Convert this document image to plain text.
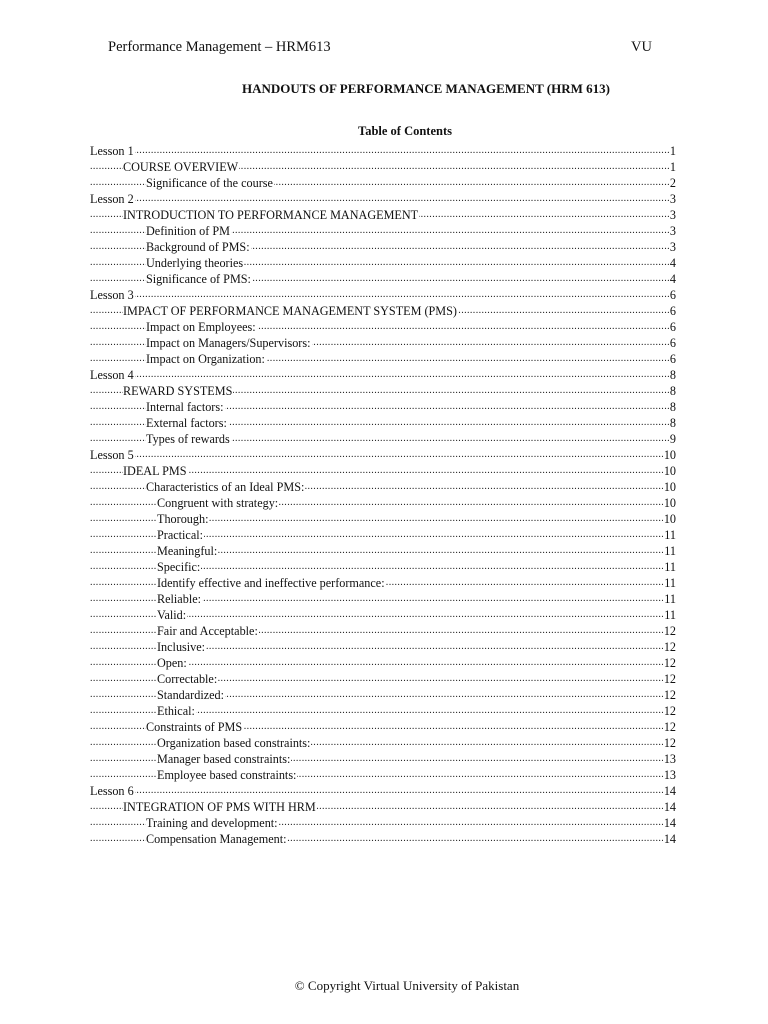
Performance Management – HRM613	VU
HANDOUTS OF PERFORMANCE MANAGEMENT (HRM 613)
Table of Contents
..... Lesson 1	1
..... COURSE OVERVIEW	1
..... Significance of the course	2
..... Lesson 2	3
..... INTRODUCTION TO PERFORMANCE MANAGEMENT	3
..... Definition of PM	3
..... Background of PMS:	3
..... Underlying theories	4
..... Significance of PMS:	4
..... Lesson 3	6
..... IMPACT OF PERFORMANCE MANAGEMENT SYSTEM (PMS)	6
..... Impact on Employees:	6
..... Impact on Managers/Supervisors:	6
..... Impact on Organization:	6
..... Lesson 4	8
..... REWARD SYSTEMS	8
..... Internal factors:	8
..... External factors:	8
..... Types of rewards	9
..... Lesson 5	10
..... IDEAL PMS	10
..... Characteristics of an Ideal PMS:	10
..... Congruent with strategy:	10
..... Thorough:	10
..... Practical:	11
..... Meaningful:	11
..... Specific:	11
..... Identify effective and ineffective performance:	11
..... Reliable:	11
..... Valid:	11
..... Fair and Acceptable:	12
..... Inclusive:	12
..... Open:	12
..... Correctable:	12
..... Standardized:	12
..... Ethical:	12
..... Constraints of PMS	12
..... Organization based constraints:	12
..... Manager based constraints:	13
..... Employee based constraints:	13
..... Lesson 6	14
..... INTEGRATION OF PMS WITH HRM	14
..... Training and development:	14
..... Compensation Management:	14
© Copyright Virtual University of Pakistan
